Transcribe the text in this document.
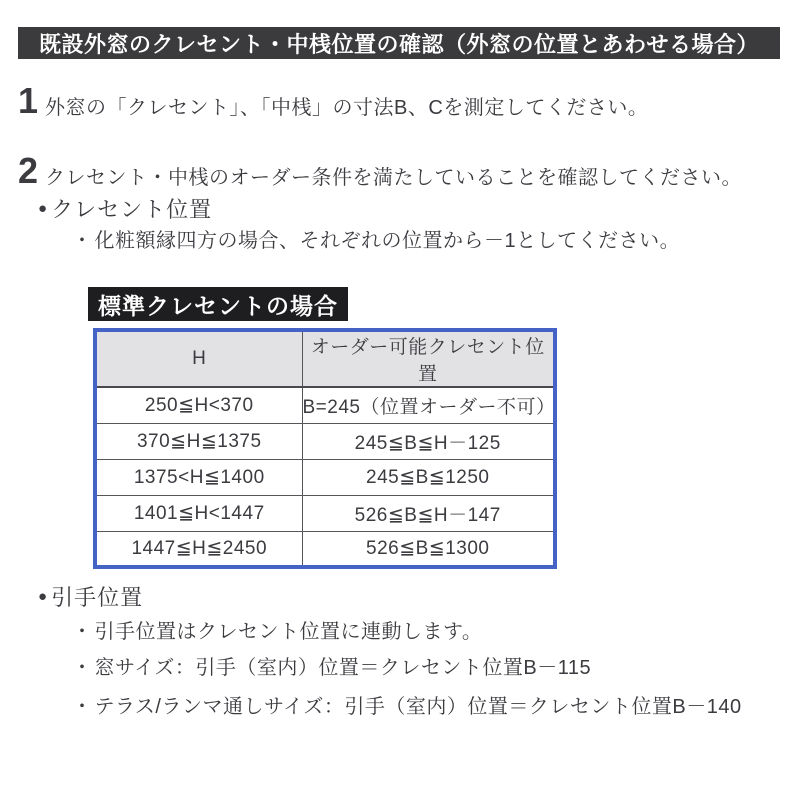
既設外窓のクレセント・中桟位置の確認（外窓の位置とあわせる場合）
1 外窓の「クレセント」、「中桟」の寸法B、Cを測定してください。
2 クレセント・中桟のオーダー条件を満たしていることを確認してください。
● クレセント位置
・ 化粧額縁四方の場合、それぞれの位置から－1としてください。
標準クレセントの場合
H	オーダー可能クレセント位置
250≦H<370	B=245（位置オーダー不可）
370≦H≦1375	245≦B≦H－125
1375<H≦1400	245≦B≦1250
1401≦H<1447	526≦B≦H－147
1447≦H≦2450	526≦B≦1300
● 引手位置
・ 引手位置はクレセント位置に連動します。
・ 窓サイズ：引手（室内）位置＝クレセント位置B－115
・ テラス/ランマ通しサイズ：引手（室内）位置＝クレセント位置B－140
